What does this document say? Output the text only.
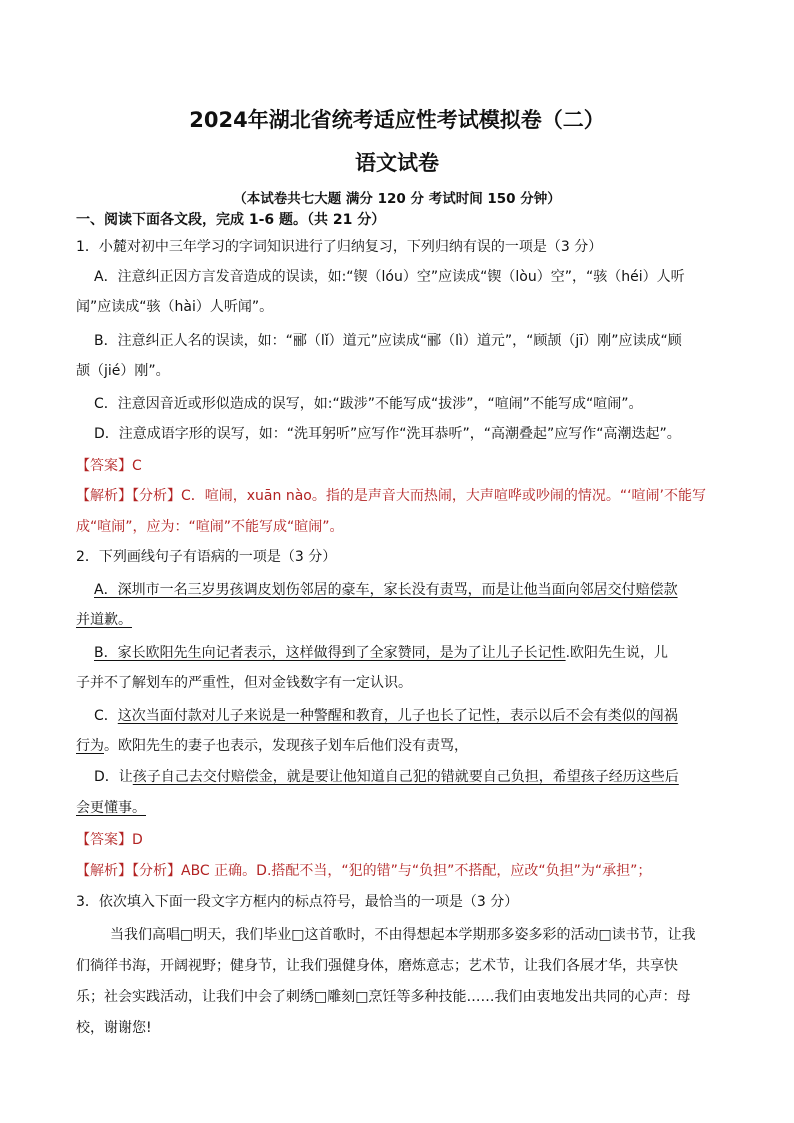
2024年湖北省统考适应性考试模拟卷（二）
语文试卷
（本试卷共七大题 满分 120 分 考试时间 150 分钟）
一、阅读下面各文段，完成 1-6 题。（共 21 分）
1．小麓对初中三年学习的字词知识进行了归纳复习，下列归纳有误的一项是（3 分）
A．注意纠正因方言发音造成的误读，如:“锲（lóu）空”应读成“锲（lòu）空”，“骇（héi）人听
闻”应读成“骇（hài）人听闻”。
B．注意纠正人名的误读，如：“郦（lǐ）道元”应读成“郦（lì）道元”，“顾颉（jī）刚”应读成“顾
颉（jié）刚”。
C．注意因音近或形似造成的误写，如:“跋涉”不能写成“拔涉”，“喧闹”不能写成“喧闹”。
D．注意成语字形的误写，如：“洗耳躬听”应写作“洗耳恭听”，“高潮叠起”应写作“高潮迭起”。
【答案】C
【解析】【分析】C．喧闹，xuān nào。指的是声音大而热闹，大声喧哗或吵闹的情况。“‘喧闹’不能写
成“喧闹”，应为：“喧闹”不能写成“暄闹”。
2．下列画线句子有语病的一项是（3 分）
A．深圳市一名三岁男孩调皮划伤邻居的豪车，家长没有责骂，而是让他当面向邻居交付赔偿款
并道歉。
B．家长欧阳先生向记者表示，这样做得到了全家赞同，是为了让儿子长记性.欧阳先生说，儿
子并不了解划车的严重性，但对金钱数字有一定认识。
C．这次当面付款对儿子来说是一种警醒和教育，儿子也长了记性，表示以后不会有类似的闯祸
行为。欧阳先生的妻子也表示，发现孩子划车后他们没有责骂，
D．让孩子自己去交付赔偿金，就是要让他知道自己犯的错就要自己负担，希望孩子经历这些后
会更懂事。
【答案】D
【解析】【分析】ABC 正确。D.搭配不当，“犯的错”与“负担”不搭配，应改“负担”为“承担”；
3．依次填入下面一段文字方框内的标点符号，最恰当的一项是（3 分）
当我们高唱□明天，我们毕业□这首歌时，不由得想起本学期那多姿多彩的活动□读书节，让我
们徜徉书海，开阔视野；健身节，让我们强健身体，磨炼意志；艺术节，让我们各展才华，共享快
乐；社会实践活动，让我们中会了刺绣□雕刻□烹饪等多种技能……我们由衷地发出共同的心声：母
校，谢谢您!
